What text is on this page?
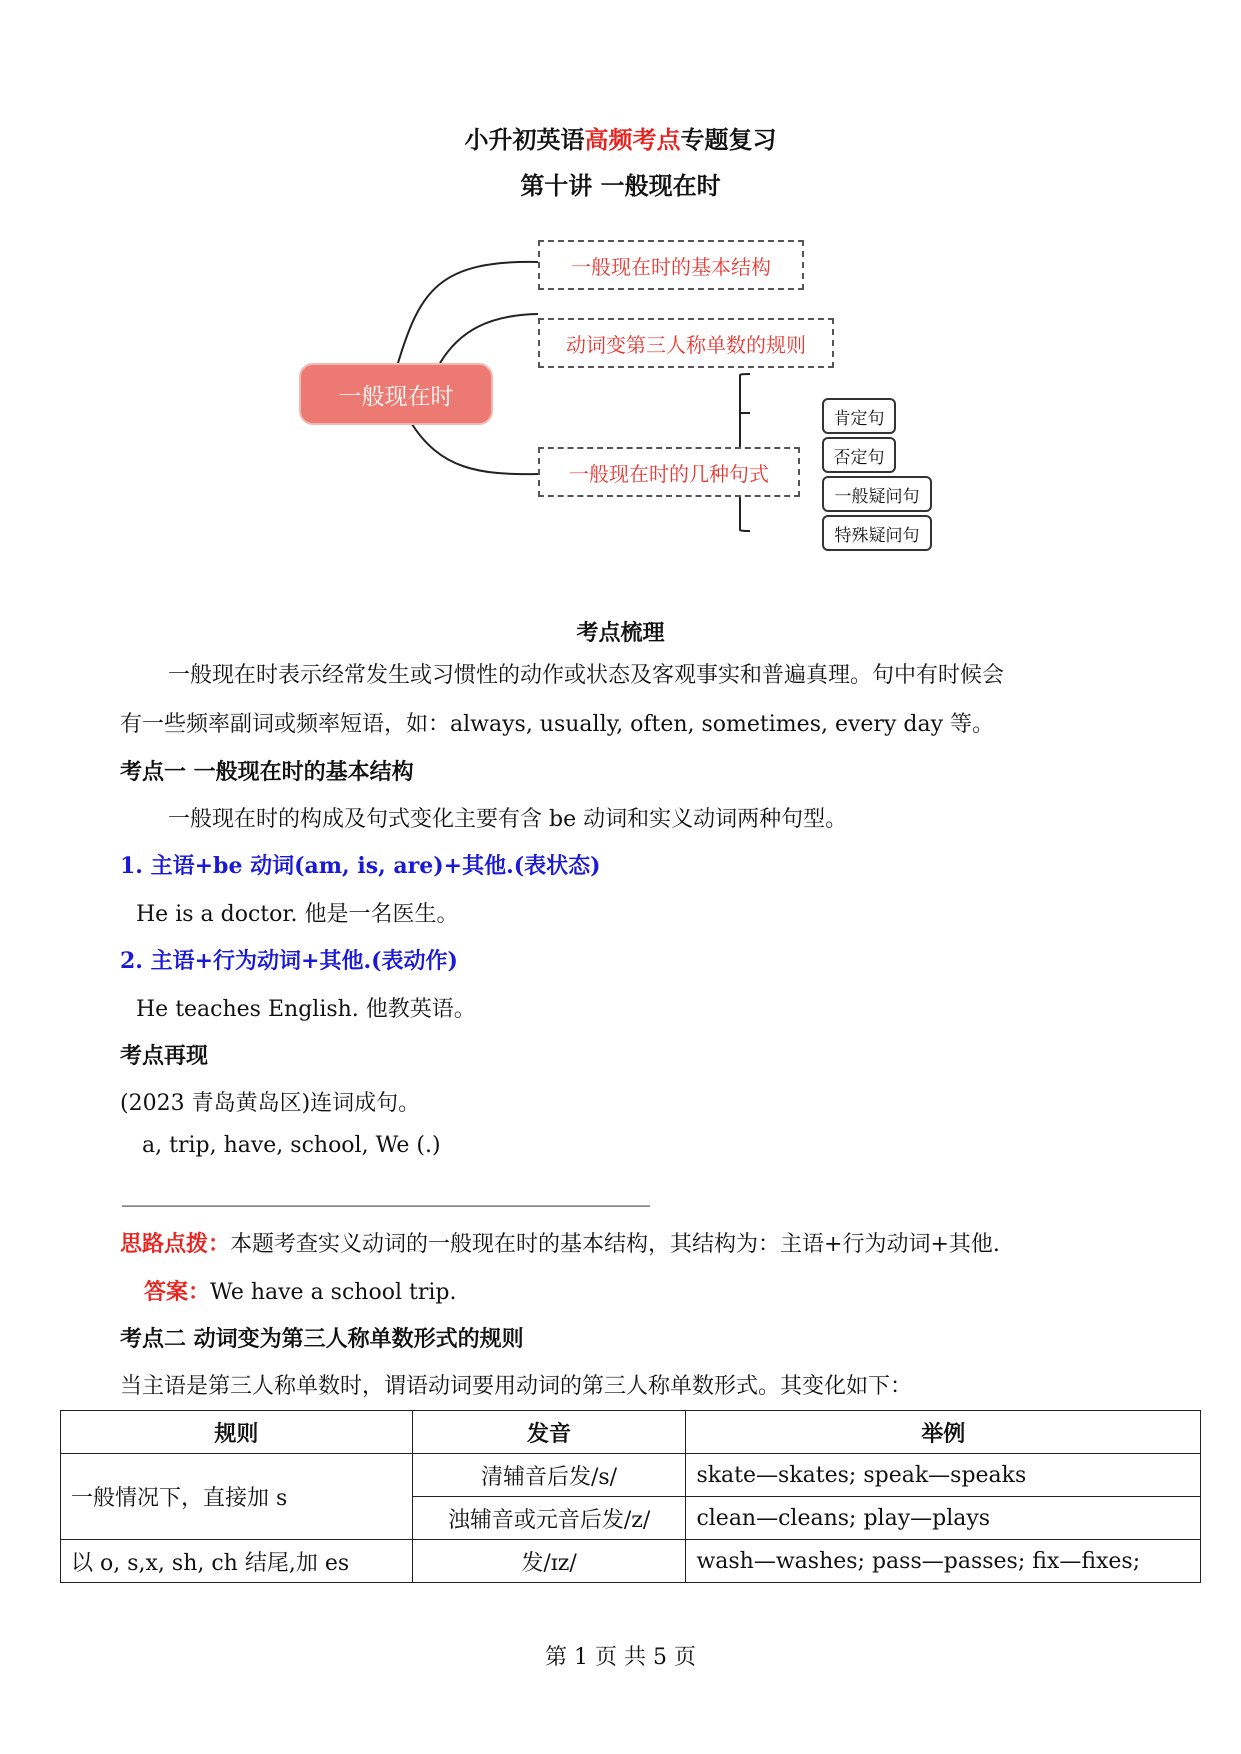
小升初英语高频考点专题复习
第十讲 一般现在时
一般现在时
一般现在时的基本结构
动词变第三人称单数的规则
一般现在时的几种句式
肯定句
否定句
一般疑问句
特殊疑问句
考点梳理
一般现在时表示经常发生或习惯性的动作或状态及客观事实和普遍真理。句中有时候会
有一些频率副词或频率短语，如：always, usually, often, sometimes, every day 等。
考点一 一般现在时的基本结构
一般现在时的构成及句式变化主要有含 be 动词和实义动词两种句型。
1. 主语+be 动词(am, is, are)+其他.(表状态)
He is a doctor. 他是一名医生。
2. 主语+行为动词+其他.(表动作)
He teaches English. 他教英语。
考点再现
(2023 青岛黄岛区)连词成句。
a, trip, have, school, We (.)
________________________________________________
思路点拨：本题考查实义动词的一般现在时的基本结构，其结构为：主语+行为动词+其他.
答案：We have a school trip.
考点二 动词变为第三人称单数形式的规则
当主语是第三人称单数时，谓语动词要用动词的第三人称单数形式。其变化如下：
规则	发音	举例
一般情况下，直接加 s	清辅音后发/s/	skate—skates; speak—speaks
	浊辅音或元音后发/z/	clean—cleans; play—plays
以 o, s,x, sh, ch 结尾,加 es	发/ɪz/	wash—washes; pass—passes; fix—fixes;
第 1 页 共 5 页
